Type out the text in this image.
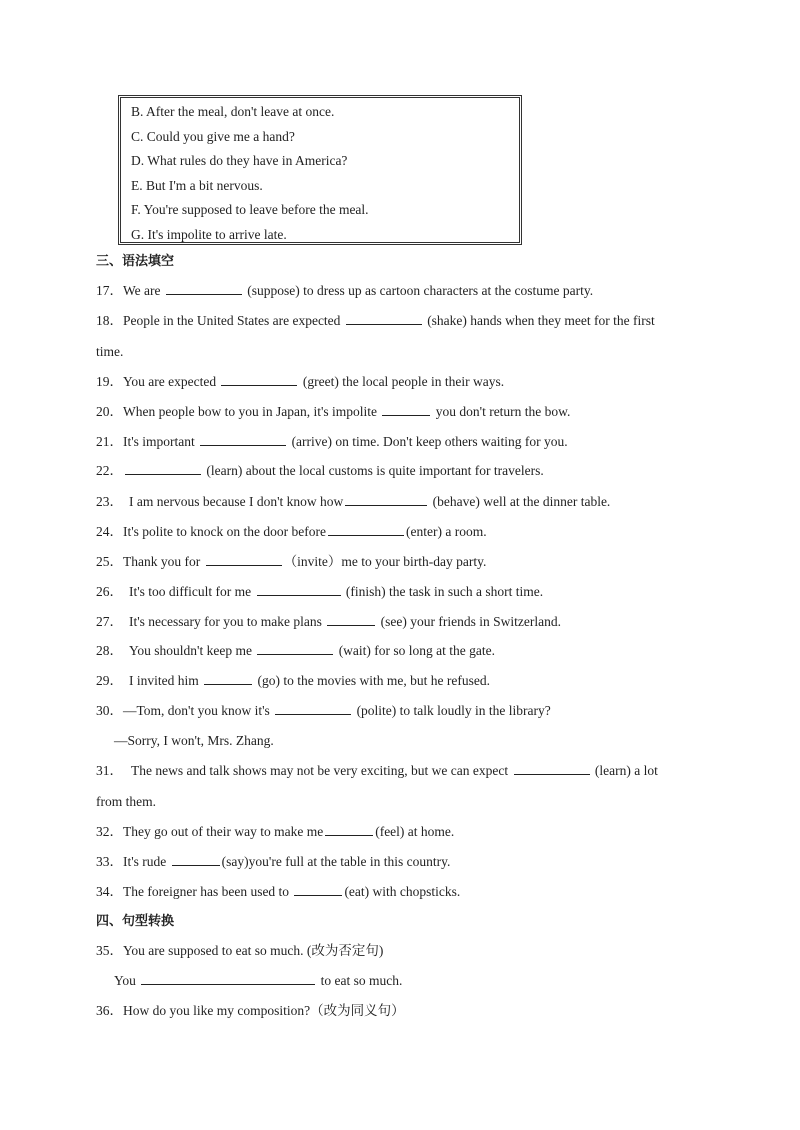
B. After the meal, don't leave at once.
C. Could you give me a hand?
D. What rules do they have in America?
E. But I'm a bit nervous.
F. You're supposed to leave before the meal.
G. It's impolite to arrive late.
三、语法填空
17．We are	(suppose) to dress up as cartoon characters at the costume party.
18．People in the United States are expected	(shake) hands when they meet for the first
time.
19．You are expected	(greet) the local people in their ways.
20．When people bow to you in Japan, it's impolite	you don't return the bow.
21．It's important	(arrive) on time. Don't keep others waiting for you.
22．	(learn) about the local customs is quite important for travelers.
23． I am nervous because I don't know how	(behave) well at the dinner table.
24．It's polite to knock on the door before	(enter) a room.
25．Thank you for	（invite）me to your birth-day party.
26． It's too difficult for me	(finish) the task in such a short time.
27． It's necessary for you to make plans	(see) your friends in Switzerland.
28． You shouldn't keep me	(wait) for so long at the gate.
29． I invited him	(go) to the movies with me, but he refused.
30．—Tom, don't you know it's	(polite) to talk loudly in the library?
—Sorry, I won't, Mrs. Zhang.
31． The news and talk shows may not be very exciting, but we can expect	(learn) a lot
from them.
32．They go out of their way to make me	(feel) at home.
33．It's rude	(say)you're full at the table in this country.
34．The foreigner has been used to	(eat) with chopsticks.
四、句型转换
35．You are supposed to eat so much. (改为否定句)
You	to eat so much.
36．How do you like my composition?（改为同义句）
